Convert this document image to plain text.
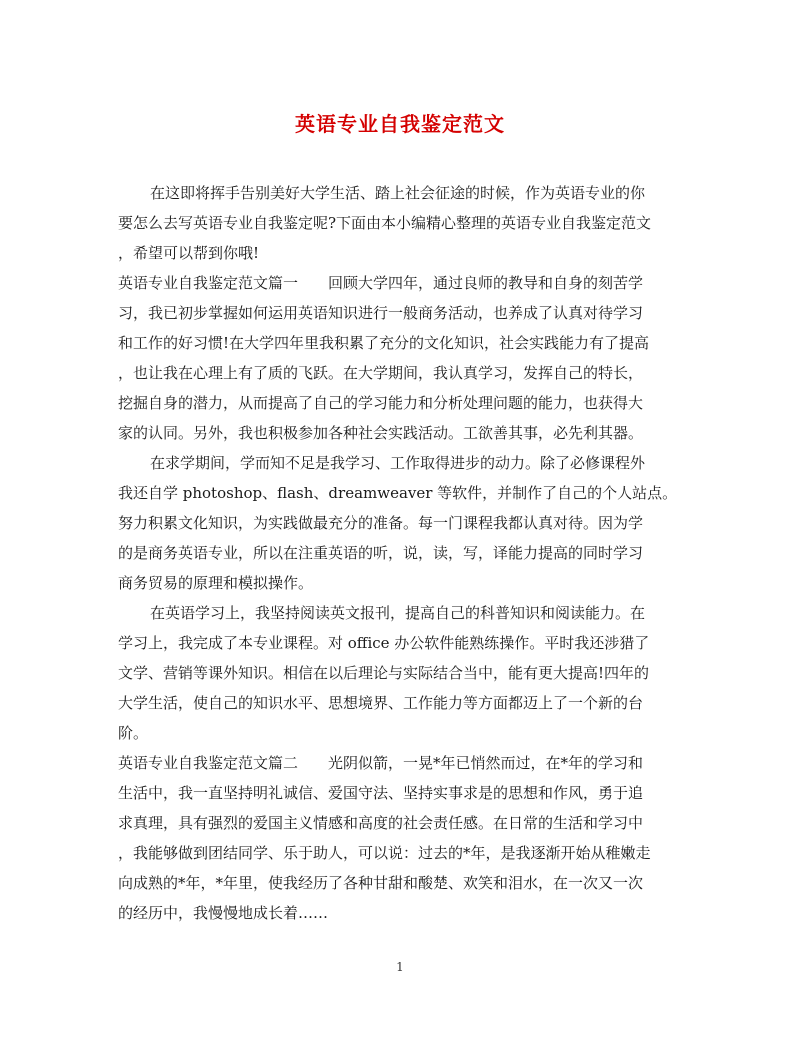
英语专业自我鉴定范文
在这即将挥手告别美好大学生活、踏上社会征途的时候，作为英语专业的你
要怎么去写英语专业自我鉴定呢?下面由本小编精心整理的英语专业自我鉴定范文
，希望可以帮到你哦!
英语专业自我鉴定范文篇一　　回顾大学四年，通过良师的教导和自身的刻苦学
习，我已初步掌握如何运用英语知识进行一般商务活动，也养成了认真对待学习
和工作的好习惯!在大学四年里我积累了充分的文化知识，社会实践能力有了提高
，也让我在心理上有了质的飞跃。在大学期间，我认真学习，发挥自己的特长，
挖掘自身的潜力，从而提高了自己的学习能力和分析处理问题的能力，也获得大
家的认同。另外，我也积极参加各种社会实践活动。工欲善其事，必先利其器。
在求学期间，学而知不足是我学习、工作取得进步的动力。除了必修课程外
我还自学 photoshop、flash、dreamweaver 等软件，并制作了自己的个人站点。
努力积累文化知识，为实践做最充分的准备。每一门课程我都认真对待。因为学
的是商务英语专业，所以在注重英语的听，说，读，写，译能力提高的同时学习
商务贸易的原理和模拟操作。
在英语学习上，我坚持阅读英文报刊，提高自己的科普知识和阅读能力。在
学习上，我完成了本专业课程。对 office 办公软件能熟练操作。平时我还涉猎了
文学、营销等课外知识。相信在以后理论与实际结合当中，能有更大提高!四年的
大学生活，使自己的知识水平、思想境界、工作能力等方面都迈上了一个新的台
阶。
英语专业自我鉴定范文篇二　　光阴似箭，一晃*年已悄然而过，在*年的学习和
生活中，我一直坚持明礼诚信、爱国守法、坚持实事求是的思想和作风，勇于追
求真理，具有强烈的爱国主义情感和高度的社会责任感。在日常的生活和学习中
，我能够做到团结同学、乐于助人，可以说：过去的*年，是我逐渐开始从稚嫩走
向成熟的*年，*年里，使我经历了各种甘甜和酸楚、欢笑和泪水，在一次又一次
的经历中，我慢慢地成长着……
1
